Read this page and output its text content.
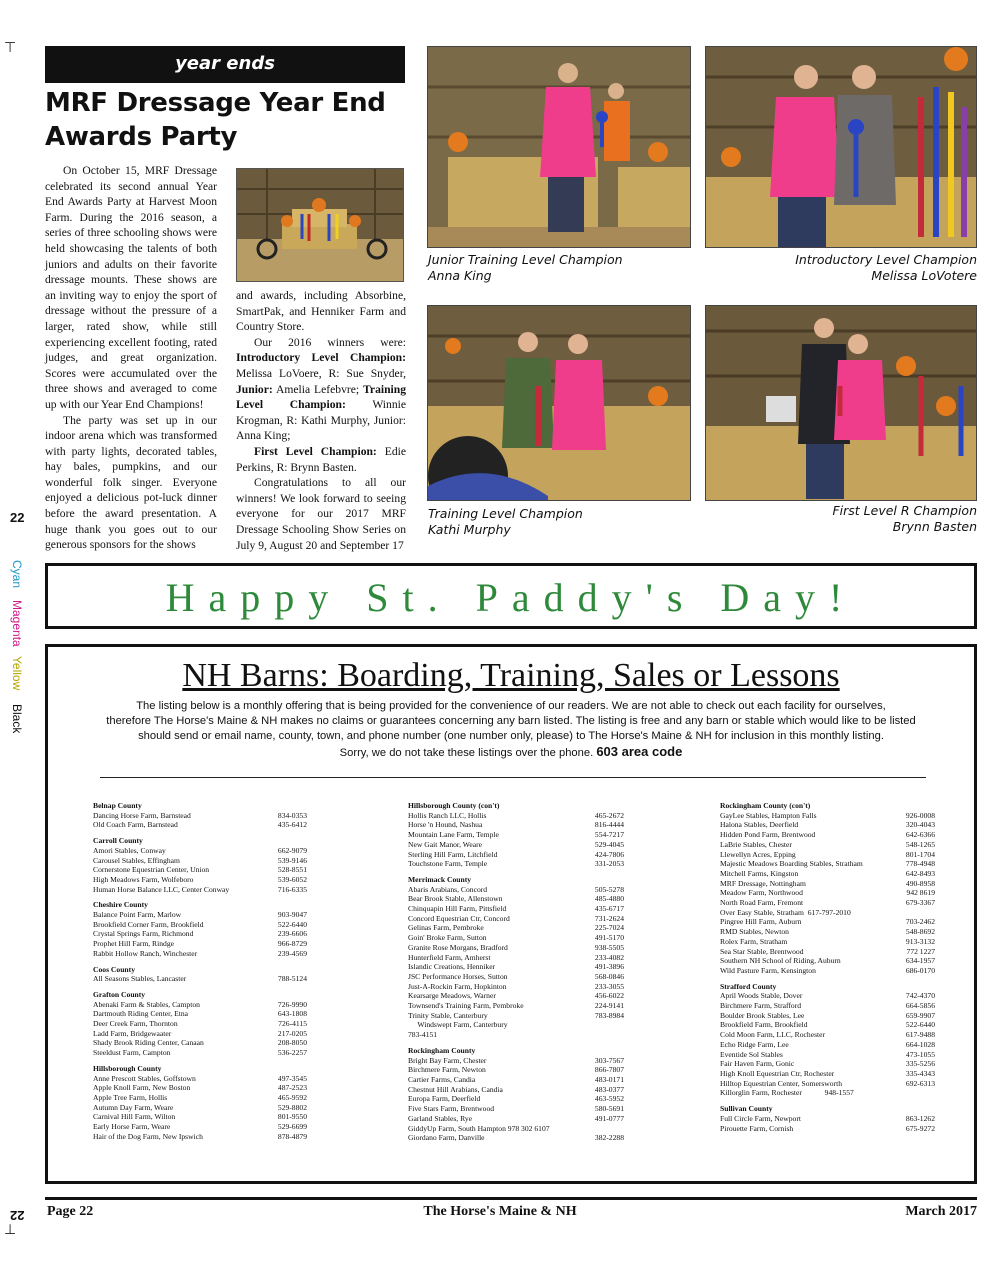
⊤
⊥
22
22
Cyan
Magenta
Yellow
Black
year ends
MRF Dressage Year End Awards Party

On October 15, MRF Dressage celebrated its second annual Year End Awards Party at Harvest Moon Farm. During the 2016 season, a series of three schooling shows were held showcasing the talents of both juniors and adults on their favorite dressage mounts. These shows are an inviting way to enjoy the sport of dressage without the pressure of a larger, rated show, while still experiencing excellent footing, rated judges, and great organization. Scores were accumulated over the three shows and averaged to come up with our Year End Champions!

The party was set up in our indoor arena which was transformed with party lights, decorated tables, hay bales, pumpkins, and our wonderful folk singer. Everyone enjoyed a delicious pot-luck dinner before the award presentation. A huge thank you goes out to our generous sponsors for the shows

and awards, including Absorbine, SmartPak, and Henniker Farm and Country Store.

Our 2016 winners were: Introductory Level Champion: Melissa LoVoere, R: Sue Snyder, Junior: Amelia Lefebvre; Training Level Champion: Winnie Krogman, R: Kathi Murphy, Junior: Anna King;

First Level Champion: Edie Perkins, R: Brynn Basten.

Congratulations to all our winners! We look forward to seeing everyone for our 2017 MRF Dressage Schooling Show Series on July 9, August 20 and September 17

Junior Training Level Champion
Anna King
Introductory Level Champion
Melissa LoVotere
Training Level Champion
Kathi Murphy
First Level R Champion
Brynn Basten
Happy St. Paddy's Day!
NH Barns: Boarding, Training, Sales or Lessons
The listing below is a monthly offering that is being provided for the convenience of our readers. We are not able to check out each facility for ourselves,
therefore The Horse's Maine & NH makes no claims or guarantees concerning any barn listed. The listing is free and any barn or stable which would like to be listed
should send or email name, county, town, and phone number (one number only, please) to The Horse's Maine & NH for inclusion in this monthly listing.
Sorry, we do not take these listings over the phone. 603 area code
Belnap County
Dancing Horse Farm, Barnstead	834-0353
Old Coach Farm, Barnstead	435-6412
Carroll County
Amori Stables, Conway	662-9079
Carousel Stables, Effingham	539-9146
Cornerstone Equestrian Center, Union	528-8551
High Meadows Farm, Wolfeboro	539-6052
Human Horse Balance LLC, Center Conway	716-6335
Cheshire County
Balance Point Farm, Marlow	903-9047
Brookfield Corner Farm, Brookfield	522-6440
Crystal Springs Farm, Richmond	239-6606
Prophet Hill Farm, Rindge	966-8729
Rabbit Hollow Ranch, Winchester	239-4569
Coos County
All Seasons Stables, Lancaster	788-5124
Grafton County
Abenaki Farm & Stables, Campton	726-9990
Dartmouth Riding Center, Etna	643-1808
Deer Creek Farm, Thornton	726-4115
Ladd Farm, Bridgewaater	217-0205
Shady Brook Riding Center, Canaan	208-8050
Steeldust Farm, Campton	536-2257
Hillsborough County
Anne Prescott Stables, Goffstown	497-3545
Apple Knoll Farm, New Boston	487-2523
Apple Tree Farm, Hollis	465-9592
Autumn Day Farm, Weare	529-8802
Carnival Hill Farm, Wilton	801-9550
Early Horse Farm, Weare	529-6699
Hair of the Dog Farm, New Ipswich	878-4879
Hillsborough County (con't)
Hollis Ranch LLC, Hollis	465-2672
Horse 'n Hound, Nashua	816-4444
Mountain Lane Farm, Temple	554-7217
New Gait Manor, Weare	529-4045
Sterling Hill Farm, Litchfield	424-7806
Touchstone Farm, Temple	331-2053
Merrimack County
Abaris Arabians, Concord	505-5278
Bear Brook Stable, Allenstown	485-4880
Chinquapin Hill Farm, Pittsfield	435-6717
Concord Equestrian Ctr, Concord	731-2624
Gelinas Farm, Pembroke	225-7024
Goin' Broke Farm, Sutton	491-5170
Granite Rose Morgans, Bradford	938-5505
Hunterfield Farm, Amherst	233-4082
Islandic Creations, Henniker	491-3896
JSC Performance Horses, Sutton	568-0846
Just-A-Rockin Farm, Hopkinton	233-3055
Kearsarge Meadows, Warner	456-6022
Townsend's Training Farm, Pembroke	224-9141
Trinity Stable, Canterbury	783-8984
Windswept Farm, Canterbury
783-4151
Rockingham County
Bright Bay Farm, Chester	303-7567
Birchmere Farm, Newton	866-7807
Cartier Farms, Candia	483-0171
Chestnut Hill Arabians, Candia	483-0377
Europa Farm, Deerfield	463-5952
Five Stars Farm, Brentwood	580-5691
Garland Stables, Rye	491-0777
GiddyUp Farm, South Hampton 978 302 6107
Giordano Farm, Danville	382-2288
Rockingham County (con't)
GayLee Stables, Hampton Falls	926-0008
Halona Stables, Deerfield	320-4043
Hidden Pond Farm, Brentwood	642-6366
LaBrie Stables, Chester	548-1265
Llewellyn Acres, Epping	801-1704
Majestic Meadows Boarding Stables, Stratham	778-4948
Mitchell Farms, Kingston	642-8493
MRF Dressage, Nottingham	490-8958
Meadow Farm, Northwood	942 8619
North Road Farm, Fremont	679-3367
Over Easy Stable, Stratham  617-797-2010
Pingree Hill Farm, Auburn	703-2462
RMD Stables, Newton	548-8692
Rolex Farm, Stratham	913-3132
Sea Star Stable, Brentwood	772 1227
Southern NH School of Riding, Auburn	634-1957
Wild Pasture Farm, Kensington	686-0170
Strafford County
April Woods Stable, Dover	742-4370
Birchmere Farm, Strafford	664-5856
Boulder Brook Stables, Lee	659-9907
Brookfield Farm, Brookfield	522-6440
Cold Moon Farm, LLC, Rochester	617-9488
Echo Ridge Farm, Lee	664-1028
Eventide Sol Stables	473-1055
Fair Haven Farm, Gonic	335-5256
High Knoll Equestrian Ctr, Rochester	335-4343
Hilltop Equestrian Center, Somersworth	692-6313
Killorglin Farm, Rochester            948-1557
Sullivan County
Full Circle Farm, Newport	863-1262
Pirouette Farm, Cornish	675-9272
Page 22	The Horse's Maine & NH	March 2017
